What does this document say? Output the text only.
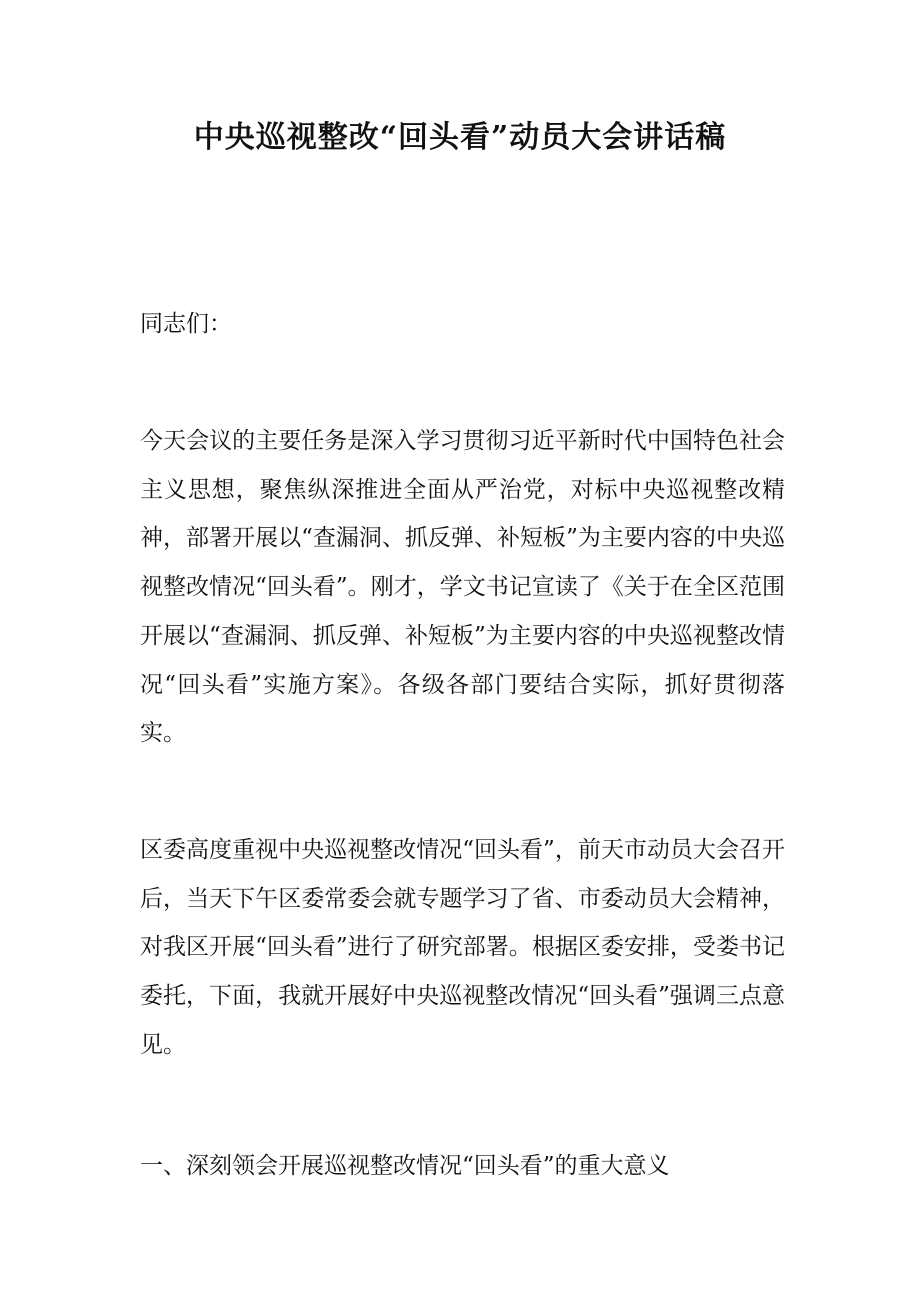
中央巡视整改“回头看”动员大会讲话稿

同志们：

今天会议的主要任务是深入学习贯彻习近平新时代中国特色社会主义思想，聚焦纵深推进全面从严治党，对标中央巡视整改精神，部署开展以“查漏洞、抓反弹、补短板”为主要内容的中央巡视整改情况“回头看”。刚才，学文书记宣读了《关于在全区范围开展以“查漏洞、抓反弹、补短板”为主要内容的中央巡视整改情况“回头看”实施方案》。各级各部门要结合实际，抓好贯彻落实。

区委高度重视中央巡视整改情况“回头看”，前天市动员大会召开后，当天下午区委常委会就专题学习了省、市委动员大会精神，对我区开展“回头看”进行了研究部署。根据区委安排，受娄书记委托，下面，我就开展好中央巡视整改情况“回头看”强调三点意见。

一、深刻领会开展巡视整改情况“回头看”的重大意义
